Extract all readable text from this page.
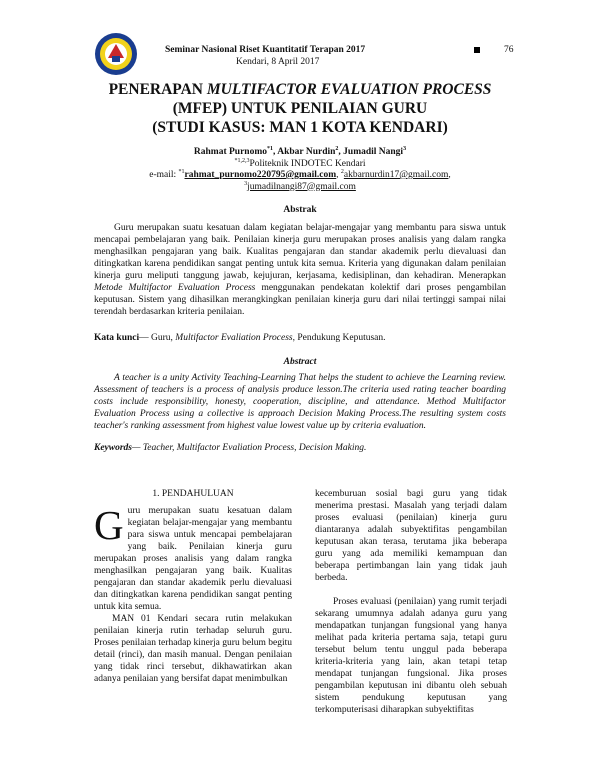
Seminar Nasional Riset Kuantitatif Terapan 2017
Kendari, 8 April 2017
76
PENERAPAN MULTIFACTOR EVALUATION PROCESS
(MFEP) UNTUK PENILAIAN GURU
(STUDI KASUS: MAN 1 KOTA KENDARI)
Rahmat Purnomo$^{*1}$, Akbar Nurdin$^2$, Jumadil Nangi$^3$
$^{*1,2,3}$Politeknik INDOTEC Kendari
e-mail: $^{*1}$rahmat_purnomo220795@gmail.com, $^2$akbarnurdin17@gmail.com,
$^3$jumadilnangi87@gmail.com
Abstrak
Guru merupakan suatu kesatuan dalam kegiatan belajar-mengajar yang membantu para siswa untuk mencapai pembelajaran yang baik. Penilaian kinerja guru merupakan proses analisis yang dalam rangka menghasilkan pengajaran yang baik. Kualitas pengajaran dan standar akademik perlu dievaluasi dan ditingkatkan karena pendidikan sangat penting untuk kita semua. Kriteria yang digunakan dalam penilaian kinerja guru meliputi tanggung jawab, kejujuran, kerjasama, kedisiplinan, dan kehadiran. Menerapkan Metode Multifactor Evaluation Process menggunakan pendekatan kolektif dari proses pengambilan keputusan. Sistem yang dihasilkan merangkingkan penilaian kinerja guru dari nilai tertinggi sampai nilai terendah berdasarkan kriteria penilaian.
Kata kunci— Guru, Multifactor Evaliation Process, Pendukung Keputusan.
Abstract
A teacher is a unity Activity Teaching-Learning That helps the student to achieve the Learning review. Assessment of teachers is a process of analysis produce lesson.The criteria used rating teacher boarding costs include responsibility, honesty, cooperation, discipline, and attendance. Method Multifactor Evaluation Process using a collective is approach Decision Making Process.The resulting system costs teacher's ranking assessment from highest value lowest value up by criteria evaluation.
Keywords— Teacher, Multifactor Evaliation Process, Decision Making.
1. PENDAHULUAN

Guru merupakan suatu kesatuan dalam kegiatan belajar-mengajar yang membantu para siswa untuk mencapai pembelajaran yang baik. Penilaian kinerja guru merupakan proses analisis yang dalam rangka menghasilkan pengajaran yang baik. Kualitas pengajaran dan standar akademik perlu dievaluasi dan ditingkatkan karena pendidikan sangat penting untuk kita semua.

MAN 01 Kendari secara rutin melakukan penilaian kinerja rutin terhadap seluruh guru. Proses penilaian terhadap kinerja guru belum begitu detail (rinci), dan masih manual. Dengan penilaian yang tidak rinci tersebut, dikhawatirkan akan adanya penilaian yang bersifat dapat menimbulkan

kecemburuan sosial bagi guru yang tidak menerima prestasi. Masalah yang terjadi dalam proses evaluasi (penilaian) kinerja guru diantaranya adalah subyektifitas pengambilan keputusan akan terasa, terutama jika beberapa guru yang ada memiliki kemampuan dan beberapa pertimbangan lain yang tidak jauh berbeda.

Proses evaluasi (penilaian) yang rumit terjadi sekarang umumnya adalah adanya guru yang mendapatkan tunjangan fungsional yang hanya melihat pada kriteria pertama saja, tetapi guru tersebut belum tentu unggul pada beberapa kriteria-kriteria yang lain, akan tetapi tetap mendapat tunjangan fungsional. Jika proses pengambilan keputusan ini dibantu oleh sebuah sistem pendukung keputusan yang terkomputerisasi diharapkan subyektifitas
